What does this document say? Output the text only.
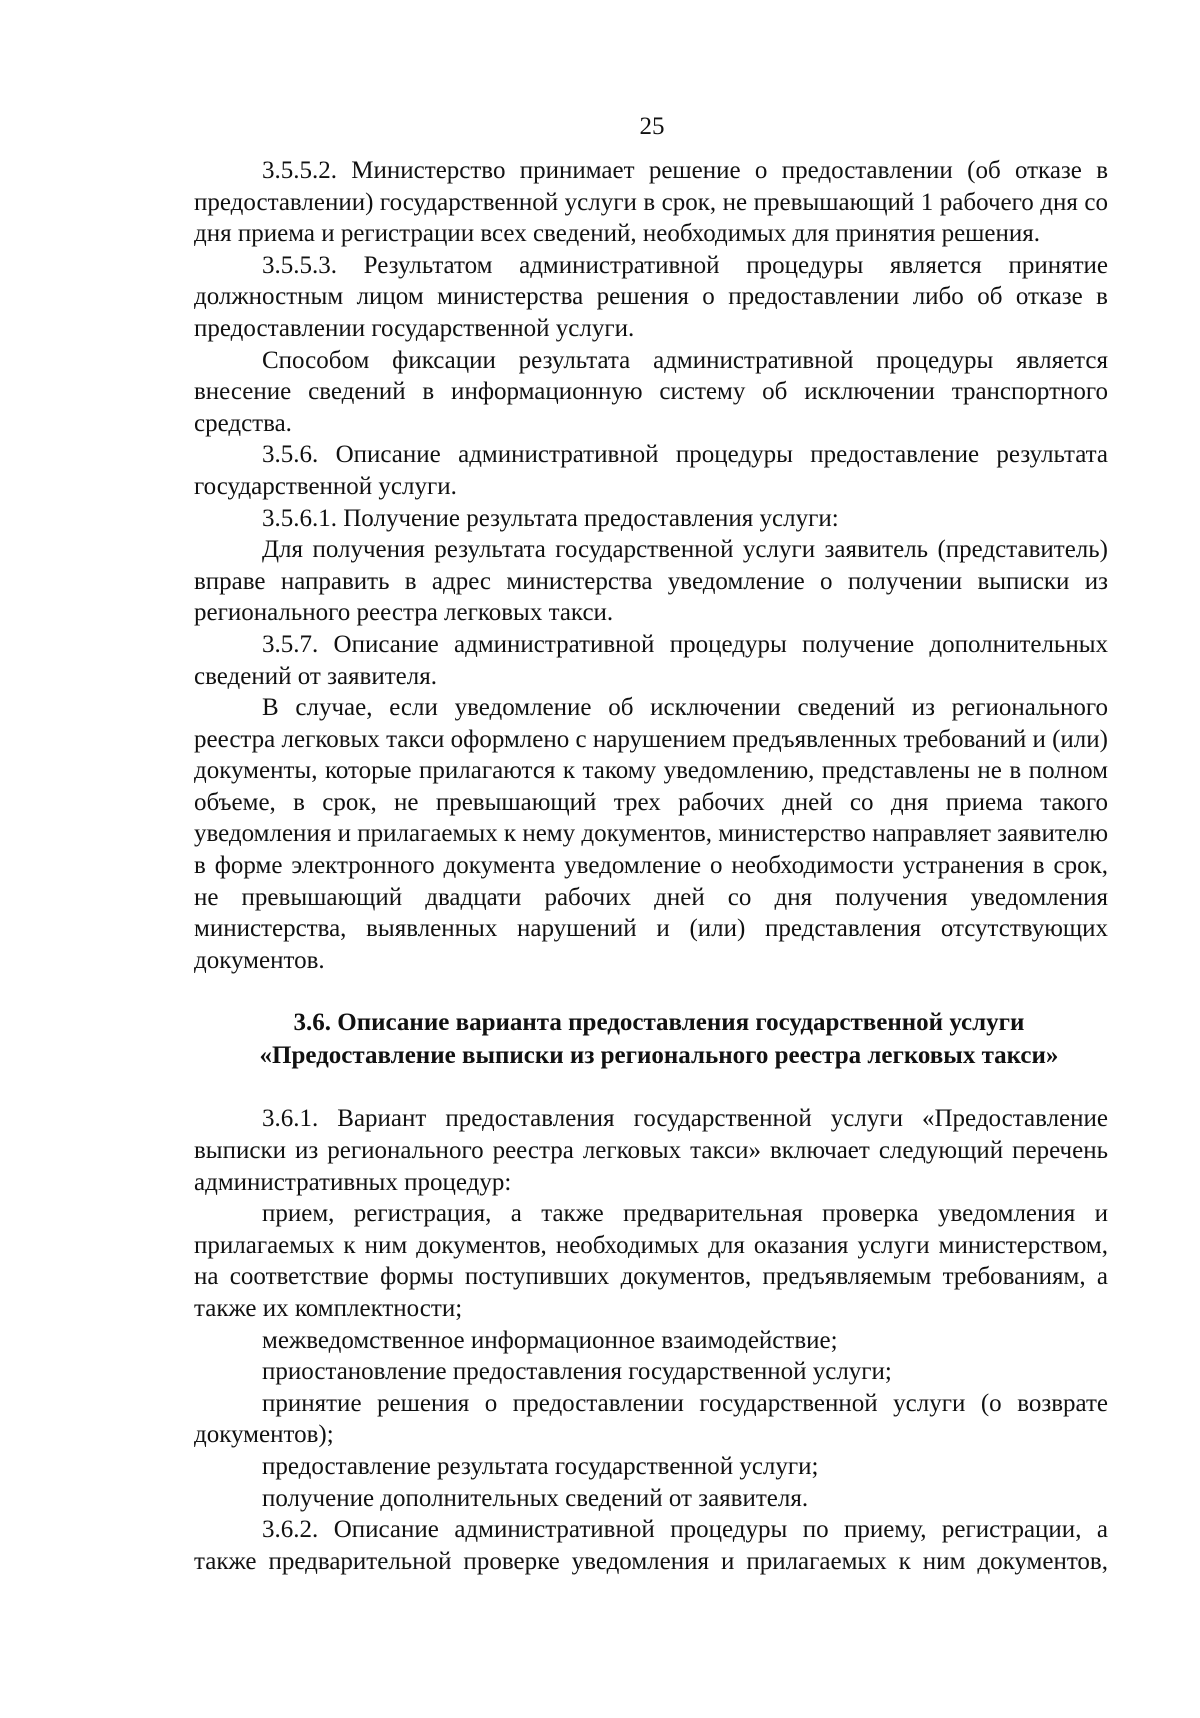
25

3.5.5.2. Министерство принимает решение о предоставлении (об отказе в предоставлении) государственной услуги в срок, не превышающий 1 рабочего дня со дня приема и регистрации всех сведений, необходимых для принятия решения.

3.5.5.3. Результатом административной процедуры является принятие должностным лицом министерства решения о предоставлении либо об отказе в предоставлении государственной услуги.

Способом фиксации результата административной процедуры является внесение сведений в информационную систему об исключении транспортного средства.

3.5.6. Описание административной процедуры предоставление результата государственной услуги.

3.5.6.1. Получение результата предоставления услуги:

Для получения результата государственной услуги заявитель (представитель) вправе направить в адрес министерства уведомление о получении выписки из регионального реестра легковых такси.

3.5.7. Описание административной процедуры получение дополнительных сведений от заявителя.

В случае, если уведомление об исключении сведений из регионального реестра легковых такси оформлено с нарушением предъявленных требований и (или) документы, которые прилагаются к такому уведомлению, представлены не в полном объеме, в срок, не превышающий трех рабочих дней со дня приема такого уведомления и прилагаемых к нему документов, министерство направляет заявителю в форме электронного документа уведомление о необходимости устранения в срок, не превышающий двадцати рабочих дней со дня получения уведомления министерства, выявленных нарушений и (или) представления отсутствующих документов.

3.6. Описание варианта предоставления государственной услуги
«Предоставление выписки из регионального реестра легковых такси»

3.6.1. Вариант предоставления государственной услуги «Предоставление выписки из регионального реестра легковых такси» включает следующий перечень административных процедур:

прием, регистрация, а также предварительная проверка уведомления и прилагаемых к ним документов, необходимых для оказания услуги министерством, на соответствие формы поступивших документов, предъявляемым требованиям, а также их комплектности;

межведомственное информационное взаимодействие;

приостановление предоставления государственной услуги;

принятие решения о предоставлении государственной услуги (о возврате документов);

предоставление результата государственной услуги;

получение дополнительных сведений от заявителя.

3.6.2. Описание административной процедуры по приему, регистрации, а также предварительной проверке уведомления и прилагаемых к ним документов,
